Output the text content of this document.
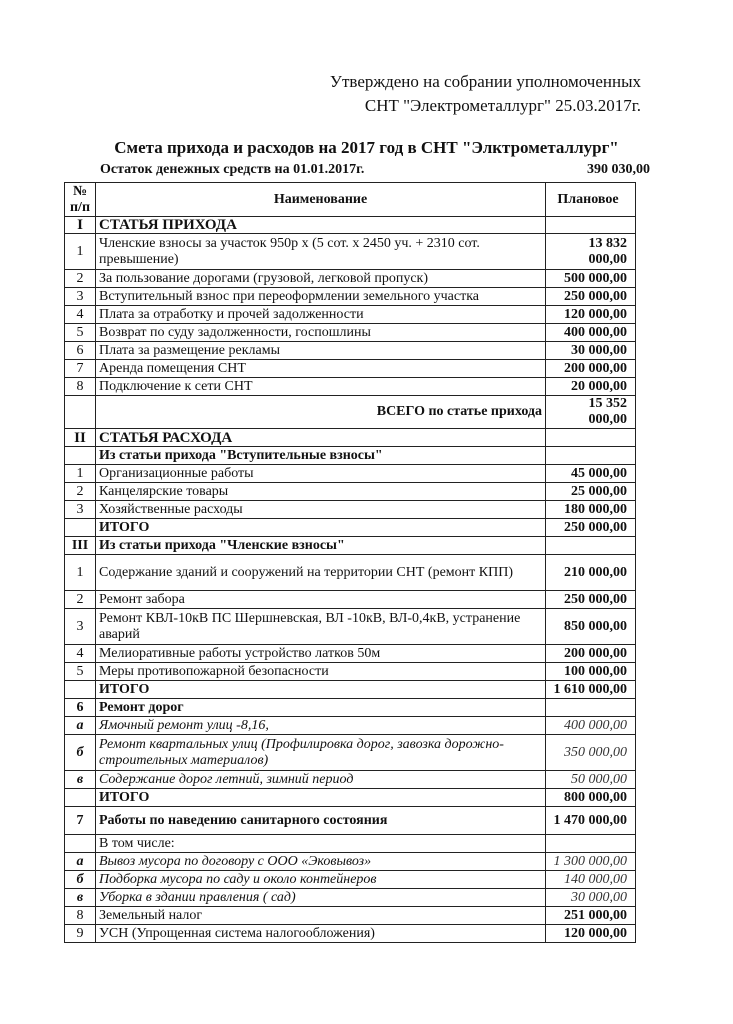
Утверждено на собрании уполномоченных
СНТ "Электрометаллург" 25.03.2017г.
Смета прихода и расходов на 2017 год в СНТ "Элктрометаллург"
Остаток денежных средств на 01.01.2017г.	390 030,00
№ п/п	Наименование	Плановое
I	СТАТЬЯ ПРИХОДА	
1	Членские взносы за участок 950р х (5 сот. х 2450 уч. + 2310 сот. превышение)	13 832 000,00
2	За пользование дорогами (грузовой, легковой пропуск)	500 000,00
3	Вступительный взнос при переоформлении земельного участка	250 000,00
4	Плата за отработку и прочей задолженности	120 000,00
5	Возврат по суду задолженности, госпошлины	400 000,00
6	Плата за размещение рекламы	30 000,00
7	Аренда помещения СНТ	200 000,00
8	Подключение к сети СНТ	20 000,00
	ВСЕГО по статье прихода	15 352 000,00
II	СТАТЬЯ РАСХОДА	
	Из статьи прихода "Вступительные взносы"	
1	Организационные работы	45 000,00
2	Канцелярские товары	25 000,00
3	Хозяйственные расходы	180 000,00
	ИТОГО	250 000,00
III	Из статьи прихода "Членские взносы"	
1	Содержание зданий и сооружений на территории СНТ (ремонт КПП)	210 000,00
2	Ремонт забора	250 000,00
3	Ремонт КВЛ-10кВ ПС Шершневская, ВЛ -10кВ, ВЛ-0,4кВ, устранение аварий	850 000,00
4	Мелиоративные работы устройство латков 50м	200 000,00
5	Меры противопожарной безопасности	100 000,00
	ИТОГО	1 610 000,00
6	Ремонт дорог	
а	Ямочный ремонт улиц -8,16,	400 000,00
б	Ремонт квартальных улиц (Профилировка дорог, завозка дорожно-строительных материалов)	350 000,00
в	Содержание дорог летний, зимний период	50 000,00
	ИТОГО	800 000,00
7	Работы по наведению санитарного состояния	1 470 000,00
	В том числе:	
а	Вывоз мусора по договору с ООО «Эковывоз»	1 300 000,00
б	Подборка мусора по саду и около контейнеров	140 000,00
в	Уборка в здании правления ( сад)	30 000,00
8	Земельный налог	251 000,00
9	УСН (Упрощенная система налогообложения)	120 000,00
